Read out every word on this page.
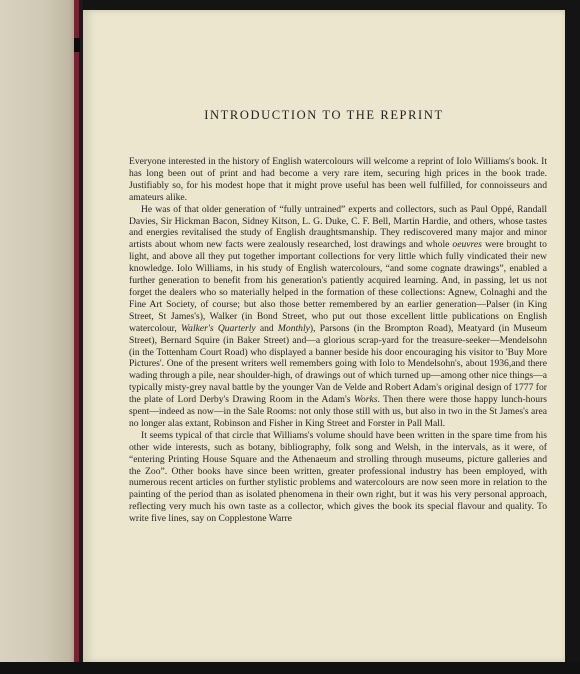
INTRODUCTION TO THE REPRINT

Everyone interested in the history of English watercolours will welcome a reprint of Iolo Williams's book. It has long been out of print and had become a very rare item, securing high prices in the book trade. Justifiably so, for his modest hope that it might prove useful has been well fulfilled, for connoisseurs and amateurs alike.

He was of that older generation of “fully untrained” experts and collectors, such as Paul Oppé, Randall Davies, Sir Hickman Bacon, Sidney Kitson, L. G. Duke, C. F. Bell, Martin Hardie, and others, whose tastes and energies revitalised the study of English draughtsmanship. They rediscovered many major and minor artists about whom new facts were zealously researched, lost drawings and whole oeuvres were brought to light, and above all they put together important collections for very little which fully vindicated their new knowledge. Iolo Williams, in his study of English watercolours, “and some cognate drawings”, enabled a further generation to benefit from his generation's patiently acquired learning. And, in passing, let us not forget the dealers who so materially helped in the formation of these collections: Agnew, Colnaghi and the Fine Art Society, of course; but also those better remembered by an earlier generation—Palser (in King Street, St James's), Walker (in Bond Street, who put out those excellent little publications on English watercolour, Walker's Quarterly and Monthly), Parsons (in the Brompton Road), Meatyard (in Museum Street), Bernard Squire (in Baker Street) and—a glorious scrap-yard for the treasure-seeker—Mendelsohn (in the Tottenham Court Road) who displayed a banner beside his door encouraging his visitor to 'Buy More Pictures'. One of the present writers well remembers going with Iolo to Mendelsohn's, about 1936,and there wading through a pile, near shoulder-high, of drawings out of which turned up—among other nice things—a typically misty-grey naval battle by the younger Van de Velde and Robert Adam's original design of 1777 for the plate of Lord Derby's Drawing Room in the Adam's Works. Then there were those happy lunch-hours spent—indeed as now—in the Sale Rooms: not only those still with us, but also in two in the St James's area no longer alas extant, Robinson and Fisher in King Street and Forster in Pall Mall.

It seems typical of that circle that Williams's volume should have been written in the spare time from his other wide interests, such as botany, bibliography, folk song and Welsh, in the intervals, as it were, of “entering Printing House Square and the Athenaeum and strolling through museums, picture galleries and the Zoo”. Other books have since been written, greater professional industry has been employed, with numerous recent articles on further stylistic problems and watercolours are now seen more in relation to the painting of the period than as isolated phenomena in their own right, but it was his very personal approach, reflecting very much his own taste as a collector, which gives the book its special flavour and quality. To write five lines, say on Copplestone Warre
